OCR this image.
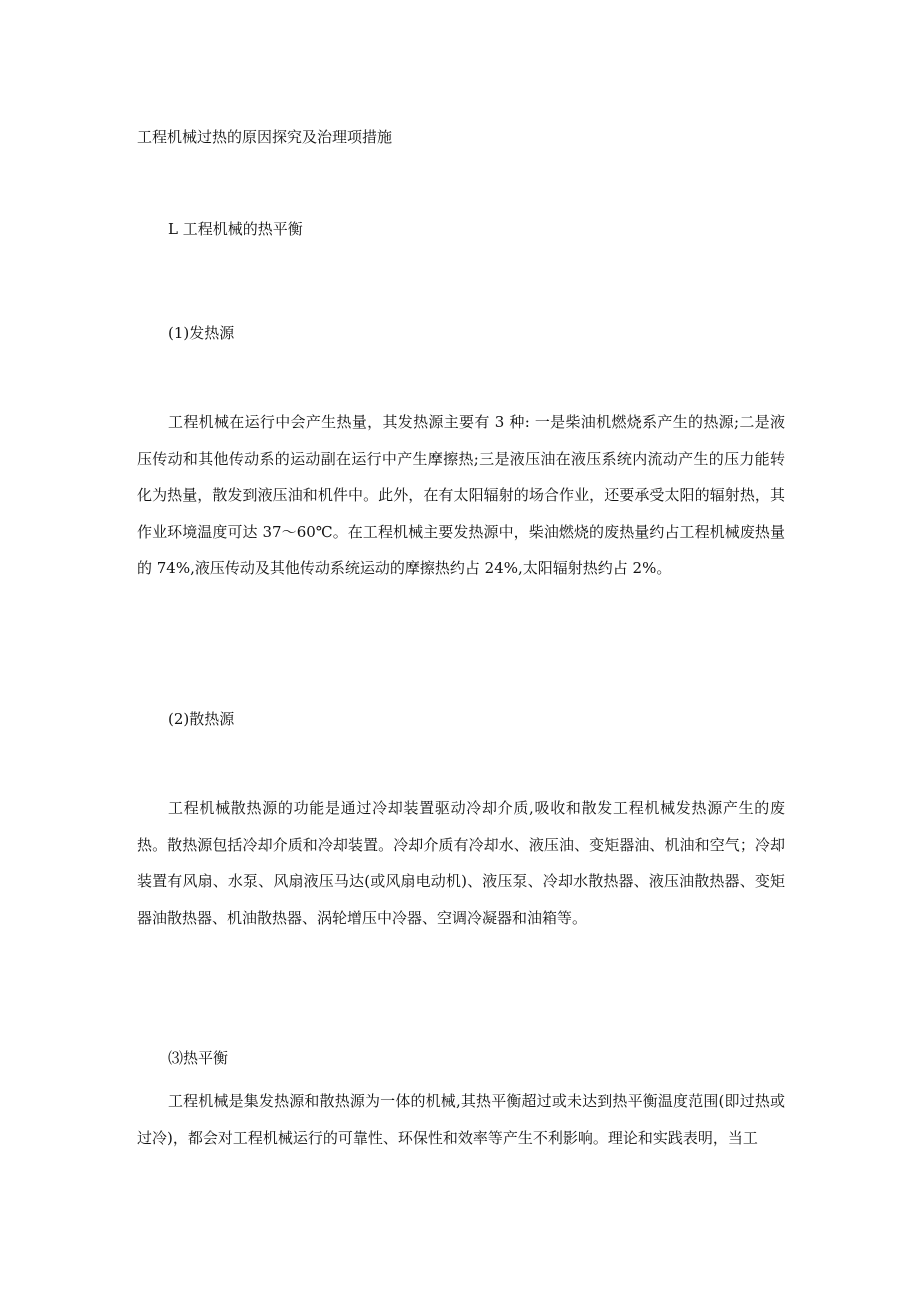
工程机械过热的原因探究及治理项措施
L 工程机械的热平衡
(1)发热源

工程机械在运行中会产生热量，其发热源主要有 3 种: 一是柴油机燃烧系产生的热源;二是液压传动和其他传动系的运动副在运行中产生摩擦热;三是液压油在液压系统内流动产生的压力能转化为热量，散发到液压油和机件中。此外，在有太阳辐射的场合作业，还要承受太阳的辐射热，其作业环境温度可达 37～60℃。在工程机械主要发热源中，柴油燃烧的废热量约占工程机械废热量的 74%,液压传动及其他传动系统运动的摩擦热约占 24%,太阳辐射热约占 2%。

(2)散热源

工程机械散热源的功能是通过冷却装置驱动冷却介质,吸收和散发工程机械发热源产生的废热。散热源包括冷却介质和冷却装置。冷却介质有冷却水、液压油、变矩器油、机油和空气；冷却装置有风扇、水泵、风扇液压马达(或风扇电动机)、液压泵、冷却水散热器、液压油散热器、变矩器油散热器、机油散热器、涡轮增压中冷器、空调冷凝器和油箱等。

⑶热平衡

工程机械是集发热源和散热源为一体的机械,其热平衡超过或未达到热平衡温度范围(即过热或过冷)，都会对工程机械运行的可靠性、环保性和效率等产生不利影响。理论和实践表明，当工
